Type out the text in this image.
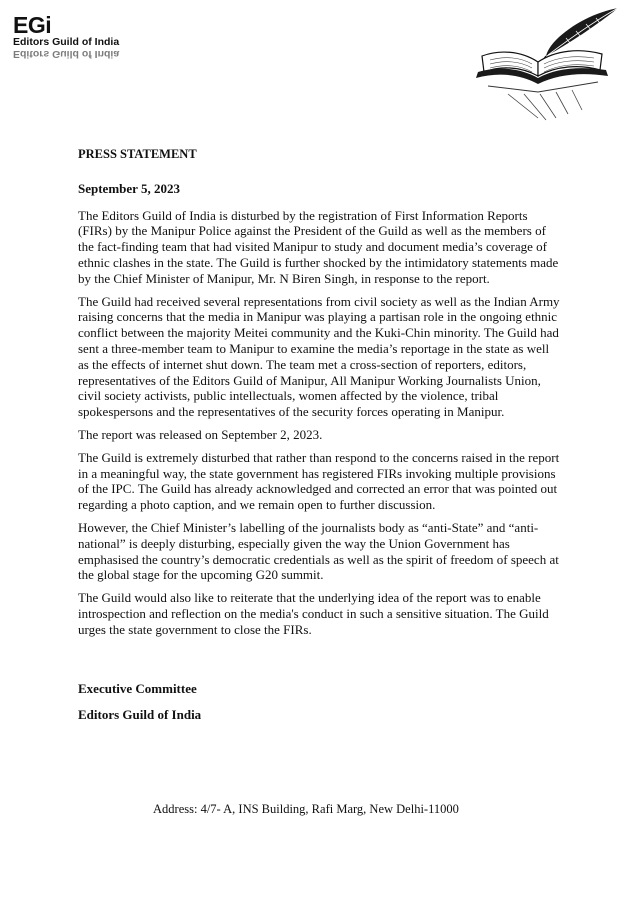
EGi
Editors Guild of India
Editors Guild of India
PRESS STATEMENT
September 5, 2023

The Editors Guild of India is disturbed by the registration of First Information Reports (FIRs) by the Manipur Police against the President of the Guild as well as the members of the fact-finding team that had visited Manipur to study and document media’s coverage of ethnic clashes in the state. The Guild is further shocked by the intimidatory statements made by the Chief Minister of Manipur, Mr. N Biren Singh, in response to the report.

The Guild had received several representations from civil society as well as the Indian Army raising concerns that the media in Manipur was playing a partisan role in the ongoing ethnic conflict between the majority Meitei community and the Kuki-Chin minority. The Guild had sent a three-member team to Manipur to examine the media’s reportage in the state as well as the effects of internet shut down. The team met a cross-section of reporters, editors, representatives of the Editors Guild of Manipur, All Manipur Working Journalists Union, civil society activists, public intellectuals, women affected by the violence, tribal spokespersons and the representatives of the security forces operating in Manipur.

The report was released on September 2, 2023.

The Guild is extremely disturbed that rather than respond to the concerns raised in the report in a meaningful way, the state government has registered FIRs invoking multiple provisions of the IPC. The Guild has already acknowledged and corrected an error that was pointed out regarding a photo caption, and we remain open to further discussion.

However, the Chief Minister’s labelling of the journalists body as “anti-State” and “anti-national” is deeply disturbing, especially given the way the Union Government has emphasised the country’s democratic credentials as well as the spirit of freedom of speech at the global stage for the upcoming G20 summit.

The Guild would also like to reiterate that the underlying idea of the report was to enable introspection and reflection on the media's conduct in such a sensitive situation. The Guild urges the state government to close the FIRs.

Executive Committee
Editors Guild of India
Address: 4/7- A, INS Building, Rafi Marg, New Delhi-11000
